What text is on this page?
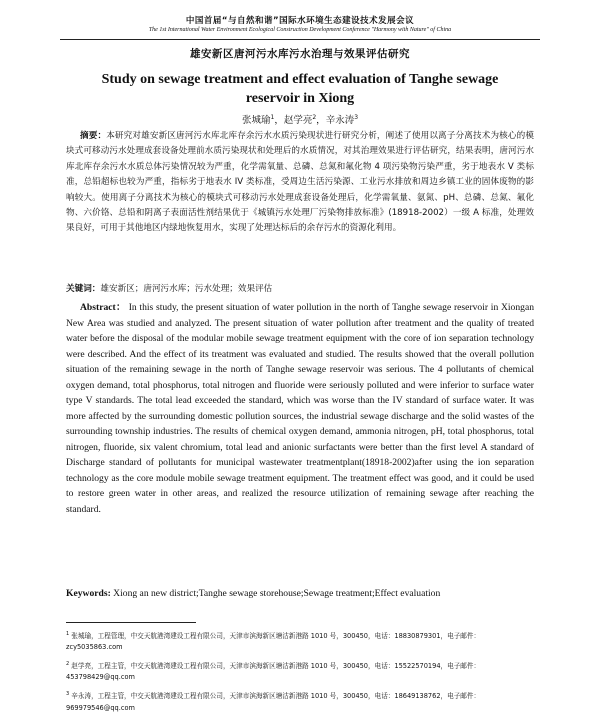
中国首届“与自然和谐”国际水环境生态建设技术发展会议
The 1st International Water Environment Ecological Construction Development Conference "Harmony with Nature" of China
雄安新区唐河污水库污水治理与效果评估研究
Study on sewage treatment and effect evaluation of Tanghe sewage reservoir in Xiong
张城瑜$^1$，赵学亮$^2$，辛永涛$^3$
摘要：本研究对雄安新区唐河污水库北库存余污水水质污染现状进行研究分析，阐述了使用以离子分离技术为核心的模块式可移动污水处理成套设备处理前水质污染现状和处理后的水质情况，对其治理效果进行评估研究，结果表明，唐河污水库北库存余污水水质总体污染情况较为严重，化学需氧量、总磷、总氮和氟化物 4 项污染物污染严重，劣于地表水 V 类标准，总铅超标也较为严重，指标劣于地表水 IV 类标准，受周边生活污染源、工业污水排放和周边乡镇工业的固体废物的影响较大。使用离子分离技术为核心的模块式可移动污水处理成套设备处理后，化学需氧量、氨氮、pH、总磷、总氮、氟化物、六价铬、总铅和阴离子表面活性剂结果优于《城镇污水处理厂污染物排放标准》(18918-2002）一级 A 标准，处理效果良好，可用于其他地区内绿地恢复用水，实现了处理达标后的余存污水的资源化利用。
关键词：雄安新区；唐河污水库；污水处理；效果评估
Abstract： In this study, the present situation of water pollution in the north of Tanghe sewage reservoir in Xiongan New Area was studied and analyzed. The present situation of water pollution after treatment and the quality of treated water before the disposal of the modular mobile sewage treatment equipment with the core of ion separation technology were described. And the effect of its treatment was evaluated and studied. The results showed that the overall pollution situation of the remaining sewage in the north of Tanghe sewage reservoir was serious. The 4 pollutants of chemical oxygen demand, total phosphorus, total nitrogen and fluoride were seriously polluted and were inferior to surface water type V standards. The total lead exceeded the standard, which was worse than the IV standard of surface water. It was more affected by the surrounding domestic pollution sources, the industrial sewage discharge and the solid wastes of the surrounding township industries. The results of chemical oxygen demand, ammonia nitrogen, pH, total phosphorus, total nitrogen, fluoride, six valent chromium, total lead and anionic surfactants were better than the first level A standard of Discharge standard of pollutants for municipal wastewater treatmentplant(18918-2002)after using the ion separation technology as the core module mobile sewage treatment equipment. The treatment effect was good, and it could be used to restore green water in other areas, and realized the resource utilization of remaining sewage after reaching the standard.
Keywords: Xiong an new district;Tanghe sewage storehouse;Sewage treatment;Effect evaluation
$^1$ 张城瑜，工程管理，中交天航港湾建设工程有限公司，天津市滨海新区塘沽新港路 1010 号，300450，电话：18830879301，电子邮件：zcy5035863.com
$^2$ 赵学亮，工程主管，中交天航港湾建设工程有限公司，天津市滨海新区塘沽新港路 1010 号，300450，电话：15522570194，电子邮件：453798429@qq.com
$^3$ 辛永涛，工程主管，中交天航港湾建设工程有限公司，天津市滨海新区塘沽新港路 1010 号，300450，电话：18649138762，电子邮件：969979546@qq.com
